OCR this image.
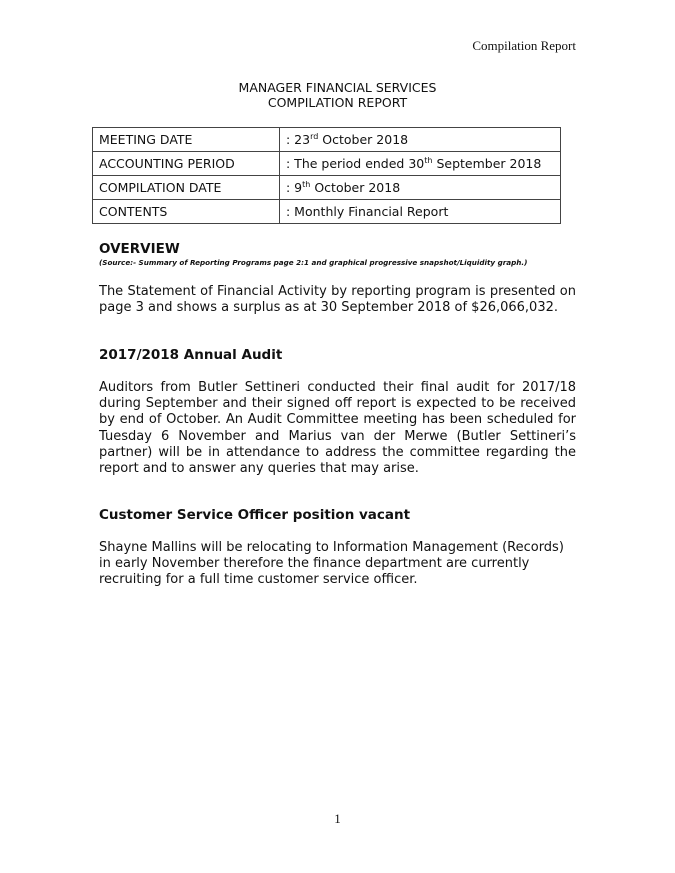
Compilation Report
MANAGER FINANCIAL SERVICES
COMPILATION REPORT
MEETING DATE	: 23rd October 2018
ACCOUNTING PERIOD	: The period ended 30th September 2018
COMPILATION DATE	: 9th October 2018
CONTENTS	: Monthly Financial Report
OVERVIEW
(Source:- Summary of Reporting Programs page 2:1 and graphical progressive snapshot/Liquidity graph.)
The Statement of Financial Activity by reporting program is presented on page 3 and shows a surplus as at 30 September 2018 of $26,066,032.
2017/2018 Annual Audit
Auditors from Butler Settineri conducted their final audit for 2017/18 during September and their signed off report is expected to be received by end of October. An Audit Committee meeting has been scheduled for Tuesday 6 November and Marius van der Merwe (Butler Settineri’s partner) will be in attendance to address the committee regarding the report and to answer any queries that may arise.
Customer Service Officer position vacant
Shayne Mallins will be relocating to Information Management (Records) in early November therefore the finance department are currently recruiting for a full time customer service officer.
1
